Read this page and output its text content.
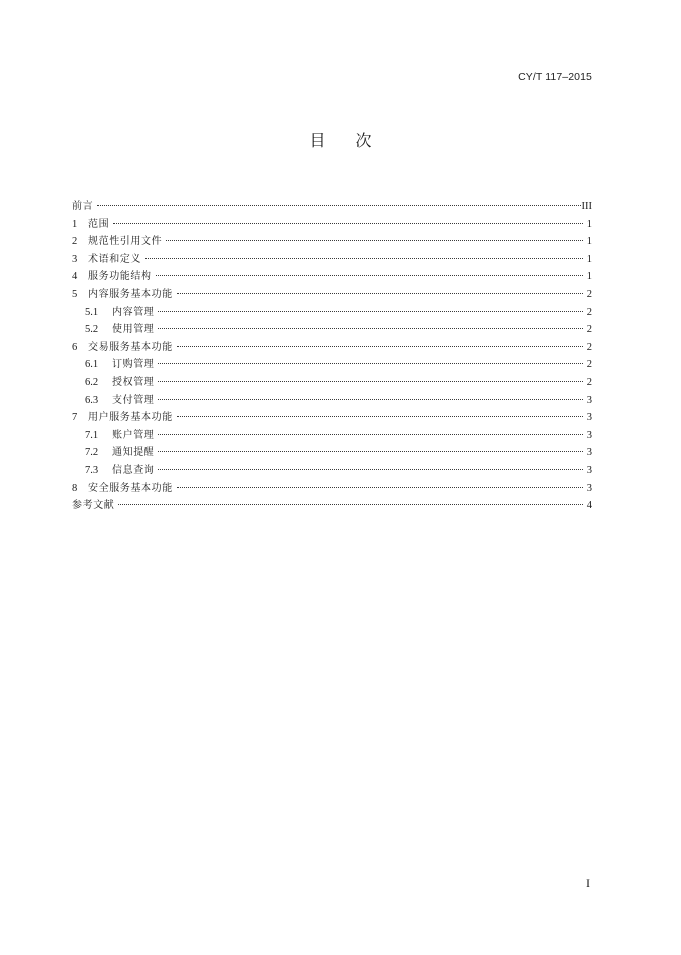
CY/T 117–2015
目 次
前言	III
1	范围	1
2	规范性引用文件	1
3	术语和定义	1
4	服务功能结构	1
5	内容服务基本功能	2
5.1	内容管理	2
5.2	使用管理	2
6	交易服务基本功能	2
6.1	订购管理	2
6.2	授权管理	2
6.3	支付管理	3
7	用户服务基本功能	3
7.1	账户管理	3
7.2	通知提醒	3
7.3	信息查询	3
8	安全服务基本功能	3
参考文献	4
I
